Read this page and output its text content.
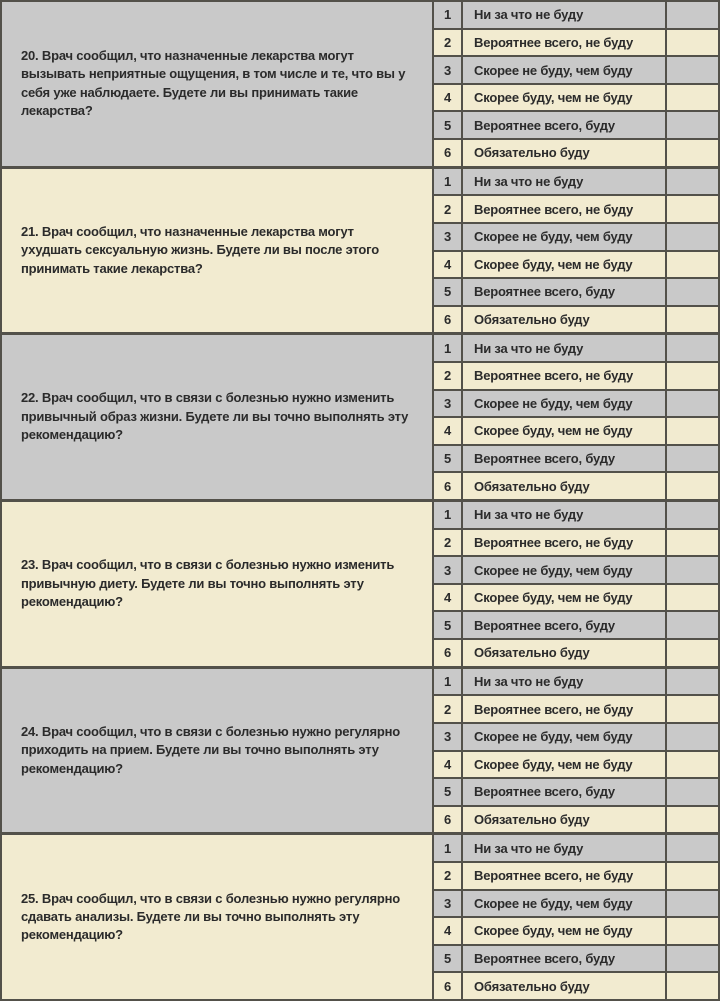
20. Врач сообщил, что назначенные лекарства могут вызывать неприятные ощущения, в том числе и те, что вы у себя уже наблюдаете. Будете ли вы принимать такие лекарства?

1	Ни за что не буду
2	Вероятнее всего, не буду
3	Скорее не буду, чем буду
4	Скорее буду, чем не буду
5	Вероятнее всего, буду
6	Обязательно буду

21. Врач сообщил, что назначенные лекарства могут ухудшать сексуальную жизнь. Будете ли вы после этого принимать такие лекарства?

1	Ни за что не буду
2	Вероятнее всего, не буду
3	Скорее не буду, чем буду
4	Скорее буду, чем не буду
5	Вероятнее всего, буду
6	Обязательно буду

22. Врач сообщил, что в связи с болезнью нужно изменить привычный образ жизни. Будете ли вы точно выполнять эту рекомендацию?

1	Ни за что не буду
2	Вероятнее всего, не буду
3	Скорее не буду, чем буду
4	Скорее буду, чем не буду
5	Вероятнее всего, буду
6	Обязательно буду

23. Врач сообщил, что в связи с болезнью нужно изменить привычную диету. Будете ли вы точно выполнять эту рекомендацию?

1	Ни за что не буду
2	Вероятнее всего, не буду
3	Скорее не буду, чем буду
4	Скорее буду, чем не буду
5	Вероятнее всего, буду
6	Обязательно буду

24. Врач сообщил, что в связи с болезнью нужно регулярно приходить на прием. Будете ли вы точно выполнять эту рекомендацию?

1	Ни за что не буду
2	Вероятнее всего, не буду
3	Скорее не буду, чем буду
4	Скорее буду, чем не буду
5	Вероятнее всего, буду
6	Обязательно буду

25. Врач сообщил, что в связи с болезнью нужно регулярно сдавать анализы. Будете ли вы точно выполнять эту рекомендацию?

1	Ни за что не буду
2	Вероятнее всего, не буду
3	Скорее не буду, чем буду
4	Скорее буду, чем не буду
5	Вероятнее всего, буду
6	Обязательно буду
